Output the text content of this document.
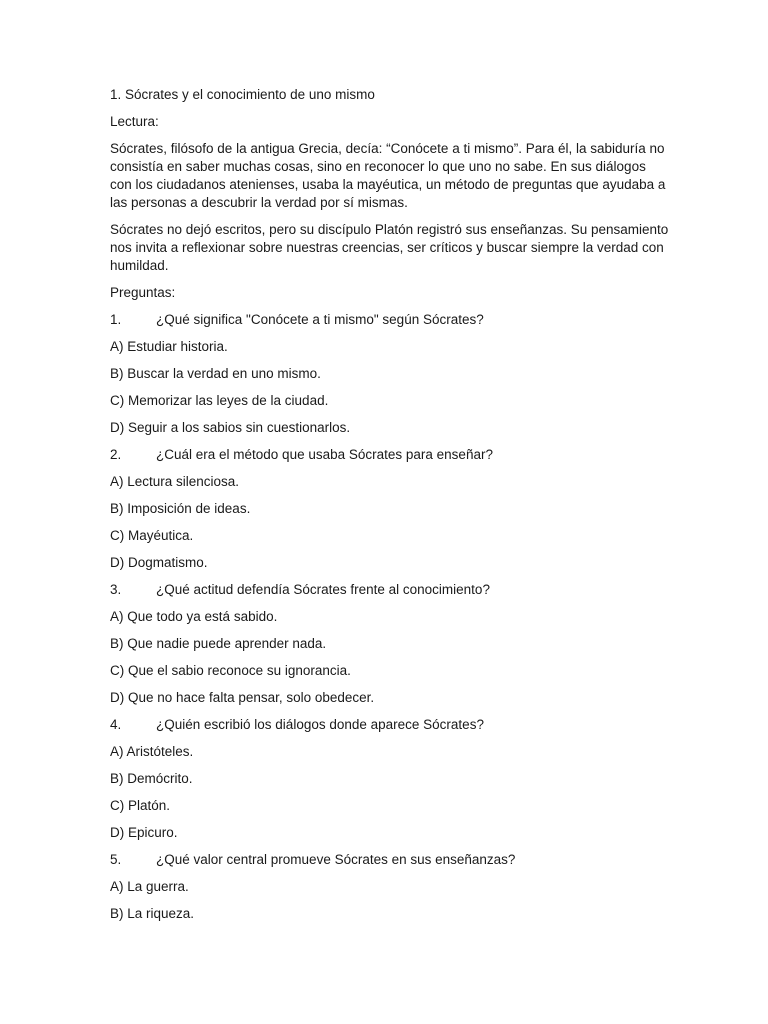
1. Sócrates y el conocimiento de uno mismo
Lectura:
Sócrates, filósofo de la antigua Grecia, decía: “Conócete a ti mismo”. Para él, la sabiduría no consistía en saber muchas cosas, sino en reconocer lo que uno no sabe. En sus diálogos con los ciudadanos atenienses, usaba la mayéutica, un método de preguntas que ayudaba a las personas a descubrir la verdad por sí mismas.
Sócrates no dejó escritos, pero su discípulo Platón registró sus enseñanzas. Su pensamiento nos invita a reflexionar sobre nuestras creencias, ser críticos y buscar siempre la verdad con humildad.
Preguntas:
1.	¿Qué significa "Conócete a ti mismo" según Sócrates?
A) Estudiar historia.
B) Buscar la verdad en uno mismo.
C) Memorizar las leyes de la ciudad.
D) Seguir a los sabios sin cuestionarlos.
2.	¿Cuál era el método que usaba Sócrates para enseñar?
A) Lectura silenciosa.
B) Imposición de ideas.
C) Mayéutica.
D) Dogmatismo.
3.	¿Qué actitud defendía Sócrates frente al conocimiento?
A) Que todo ya está sabido.
B) Que nadie puede aprender nada.
C) Que el sabio reconoce su ignorancia.
D) Que no hace falta pensar, solo obedecer.
4.	¿Quién escribió los diálogos donde aparece Sócrates?
A) Aristóteles.
B) Demócrito.
C) Platón.
D) Epicuro.
5.	¿Qué valor central promueve Sócrates en sus enseñanzas?
A) La guerra.
B) La riqueza.
